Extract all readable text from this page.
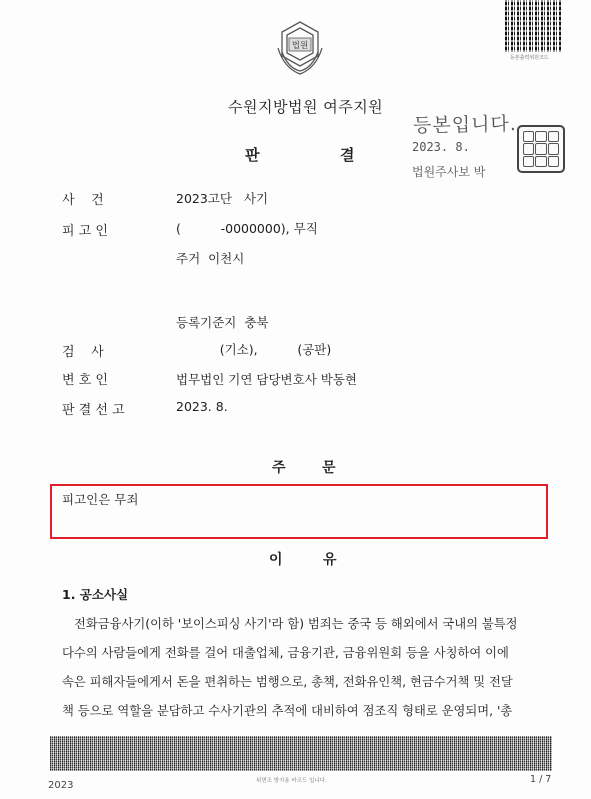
등본출력위원코드
법원
수원지방법원 여주지원
판	결
등본입니다.
2023. 8.
법원주사보 박
사    건	2023고단   사기
피 고 인	(          -0000000), 무직
주거  이천시
등록기준지  충북
검    사	(기소),          (공판)
변 호 인	법무법인 기연 담당변호사 박동현
판 결 선 고	2023. 8.
주	문
피고인은 무죄
이	유
1. 공소사실
전화금융사기(이하 '보이스피싱 사기'라 함) 범죄는 중국 등 해외에서 국내의 불특정
다수의 사람들에게 전화를 걸어 대출업체, 금융기관, 금융위원회 등을 사칭하여 이에
속은 피해자들에게서 돈을 편취하는 범행으로, 총책, 전화유인책, 현금수거책 및 전달
책 등으로 역할을 분담하고 수사기관의 추적에 대비하여 점조직 형태로 운영되며, '총
2023	위변조 방지용 바코드 입니다.	1 / 7
